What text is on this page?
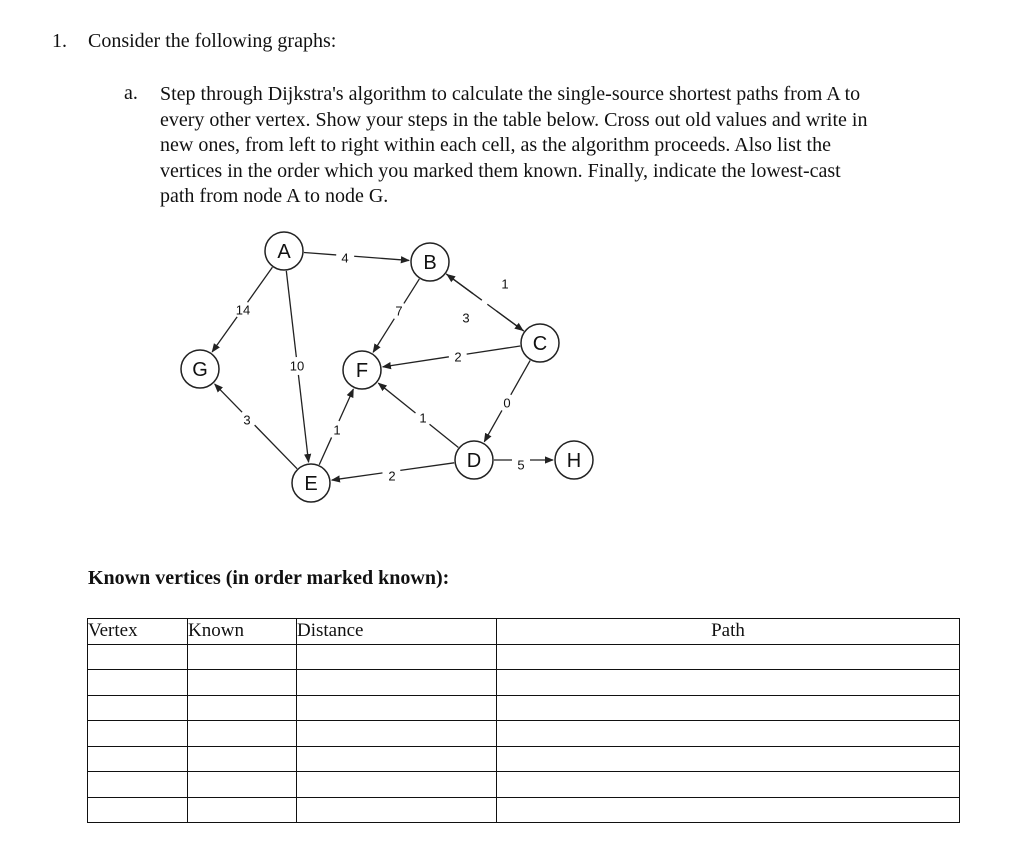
1. Consider the following graphs:
a. Step through Dijkstra's algorithm to calculate the single-source shortest paths from A to
every other vertex. Show your steps in the table below. Cross out old values and write in
new ones, from left to right within each cell, as the algorithm proceeds. Also list the
vertices in the order which you marked them known. Finally, indicate the lowest-cast
path from node A to node G.
4
1
3
7
14
10
2
0
1
3
1
2
5
A	B
C
D
E
F
G
H
Known vertices (in order marked known):
Vertex	Known	Distance	Path
